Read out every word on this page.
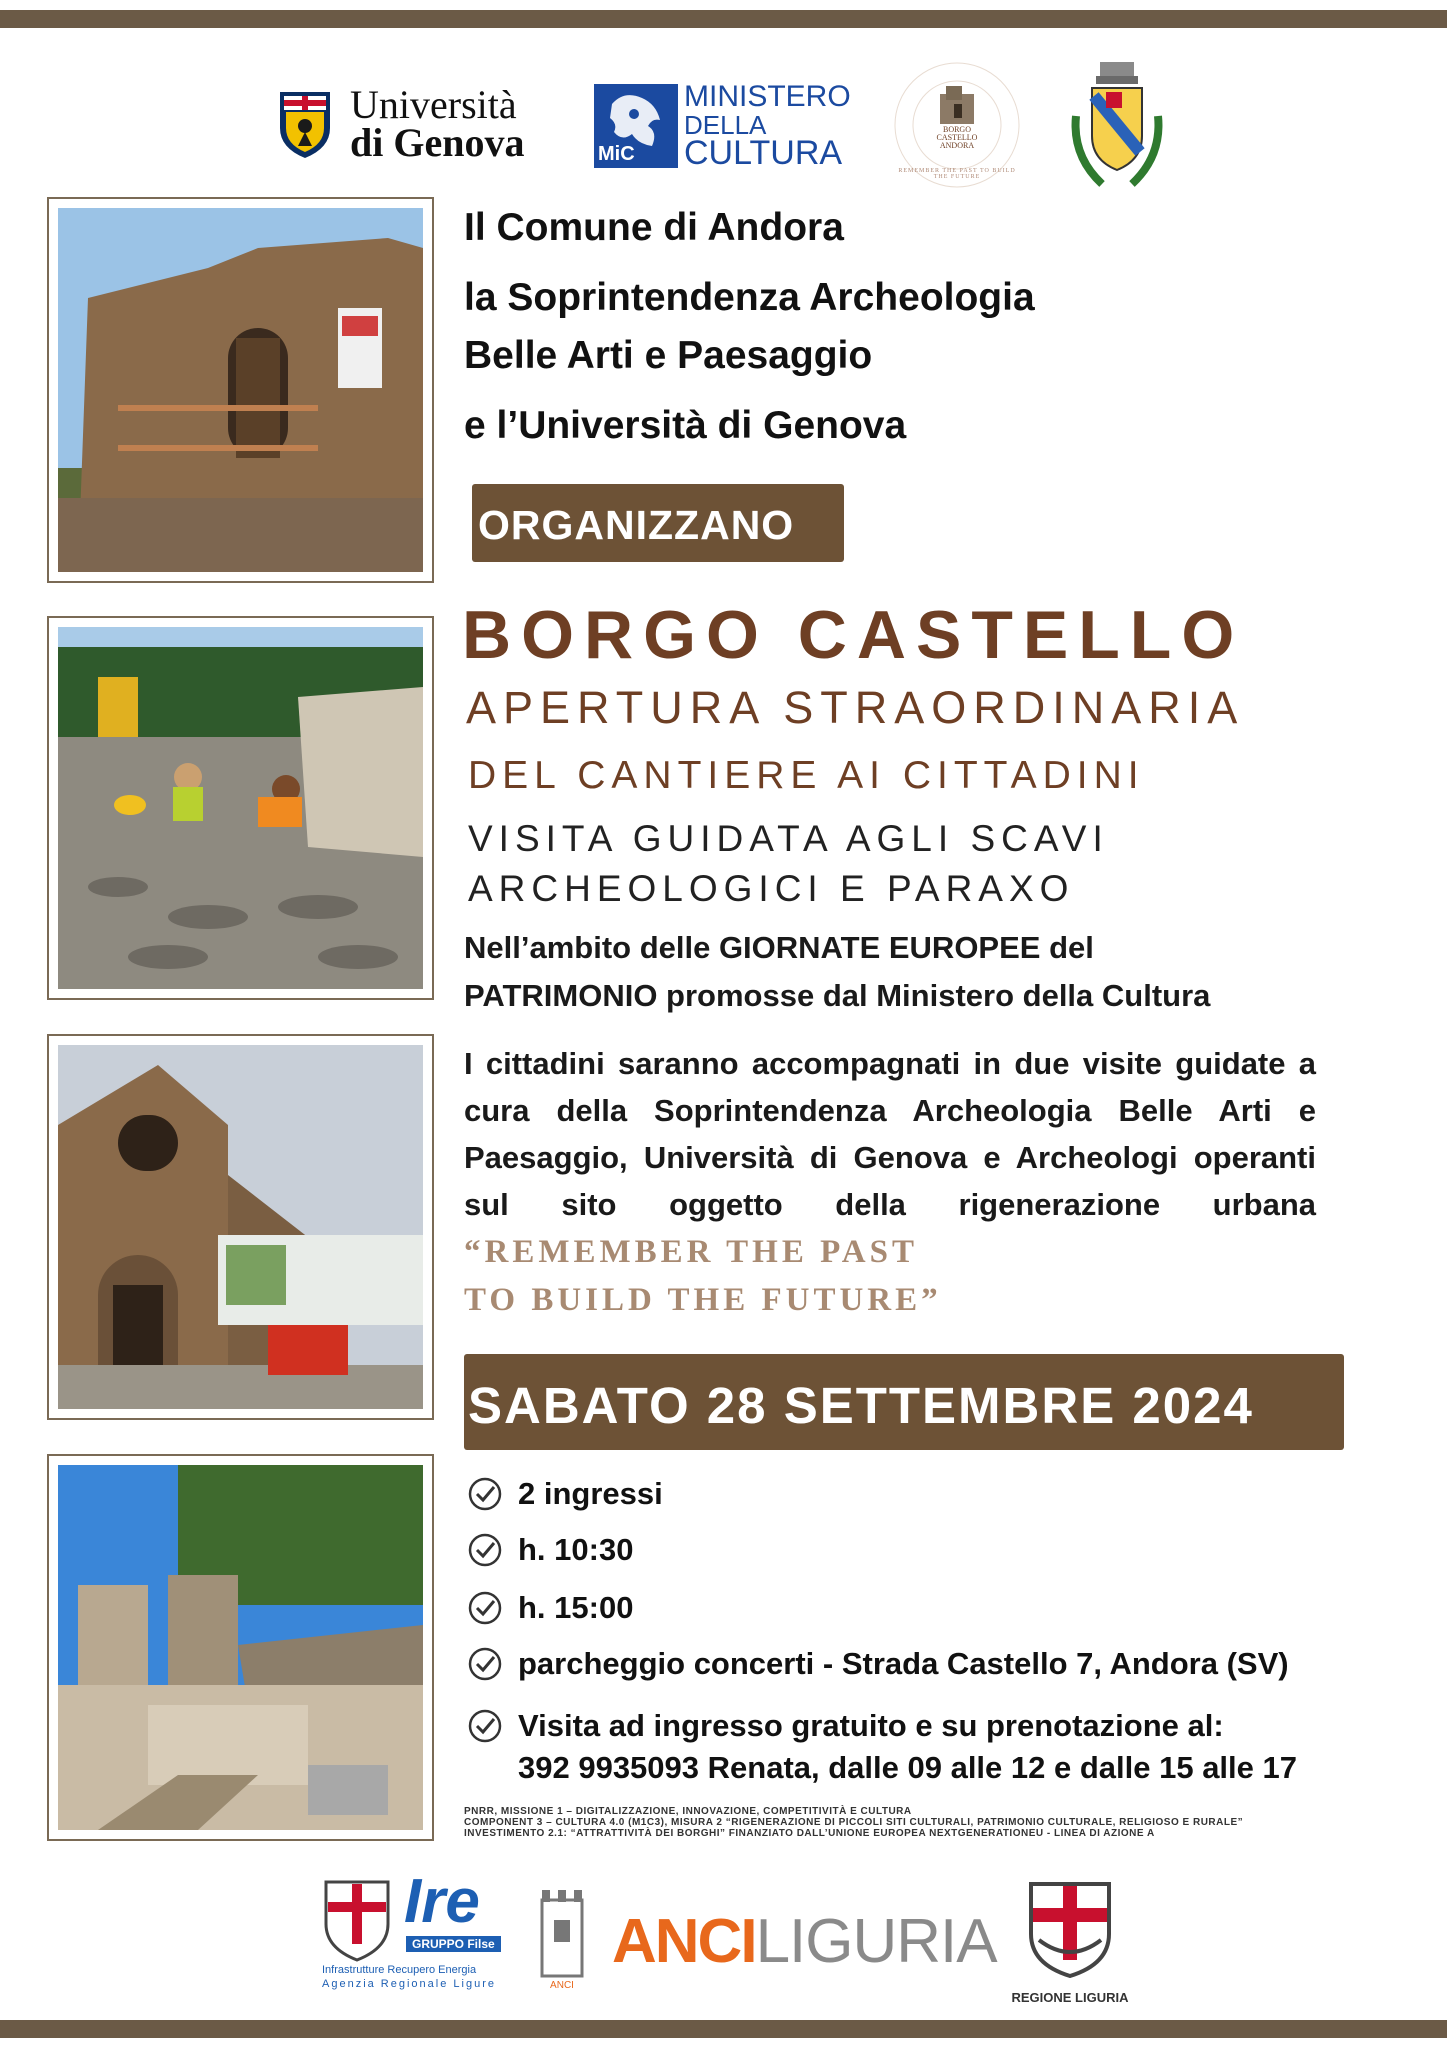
Università
di Genova	MiC
MINISTERO
DELLA
CULTURA	REMEMBER THE PAST TO BUILD THE FUTURE
BORGO CASTELLO ANDORA
Il Comune di Andora
la Soprintendenza Archeologia
Belle Arti e Paesaggio
e l’Università di Genova
ORGANIZZANO
BORGO CASTELLO
APERTURA STRAORDINARIA
DEL CANTIERE AI CITTADINI
VISITA GUIDATA AGLI SCAVI
ARCHEOLOGICI E PARAXO
Nell’ambito delle GIORNATE EUROPEE del
PATRIMONIO promosse dal Ministero della Cultura
I cittadini saranno accompagnati in due visite guidate a cura della Soprintendenza Archeologia Belle Arti e Paesaggio, Università di Genova e Archeologi operanti sul sito oggetto della rigenerazione urbana “REMEMBER THE PAST
TO BUILD THE FUTURE”
SABATO 28 SETTEMBRE 2024
2 ingressi
h. 10:30
h. 15:00
parcheggio concerti - Strada Castello 7, Andora (SV)
Visita ad ingresso gratuito e su prenotazione al:
392 9935093 Renata, dalle 09 alle 12 e dalle 15 alle 17
PNRR, MISSIONE 1 – DIGITALIZZAZIONE, INNOVAZIONE, COMPETITIVITÀ E CULTURA
COMPONENT 3 – CULTURA 4.0 (M1C3), MISURA 2 “RIGENERAZIONE DI PICCOLI SITI CULTURALI, PATRIMONIO CULTURALE, RELIGIOSO E RURALE”
INVESTIMENTO 2.1: “ATTRATTIVITÀ DEI BORGHI” FINANZIATO DALL’UNIONE EUROPEA NEXTGENERATIONEU - LINEA DI AZIONE A
Ire
GRUPPO Filse
Infrastrutture Recupero Energia
Agenzia Regionale Ligure	ANCI
ANCILIGURIA
REGIONE LIGURIA
